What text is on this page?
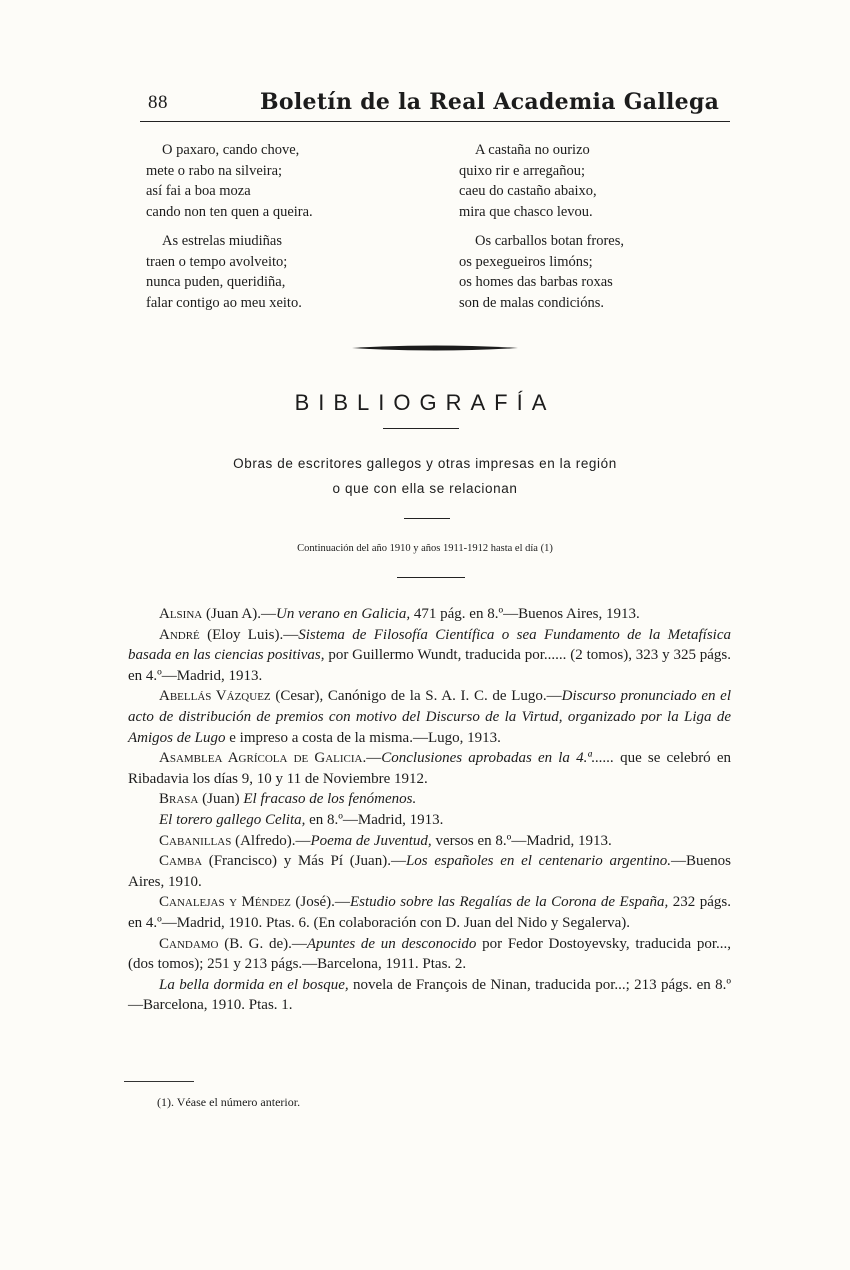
88	Boletín de la Real Academia Gallega
O paxaro, cando chove,
mete o rabo na silveira;
así fai a boa moza
cando non ten quen a queira.
As estrelas miudiñas
traen o tempo avolveito;
nunca puden, queridiña,
falar contigo ao meu xeito.
A castaña no ourizo
quixo rir e arregañou;
caeu do castaño abaixo,
mira que chasco levou.
Os carballos botan frores,
os pexegueiros limóns;
os homes das barbas roxas
son de malas condicións.
BIBLIOGRAFÍA
Obras de escritores gallegos y otras impresas en la región
o que con ella se relacionan
Continuación del año 1910 y años 1911-1912 hasta el día (1)

Alsina (Juan A).—Un verano en Galicia, 471 pág. en 8.º—Buenos Aires, 1913.

André (Eloy Luis).—Sistema de Filosofía Científica o sea Fundamento de la Metafísica basada en las ciencias positivas, por Guillermo Wundt, traducida por...... (2 tomos), 323 y 325 págs. en 4.º—Madrid, 1913.

Abellás Vázquez (Cesar), Canónigo de la S. A. I. C. de Lugo.—Discurso pronunciado en el acto de distribución de premios con motivo del Discurso de la Virtud, organizado por la Liga de Amigos de Lugo e impreso a costa de la misma.—Lugo, 1913.

Asamblea Agrícola de Galicia.—Conclusiones aprobadas en la 4.ª...... que se celebró en Ribadavia los días 9, 10 y 11 de Noviembre 1912.

Brasa (Juan) El fracaso de los fenómenos.

El torero gallego Celita, en 8.º—Madrid, 1913.

Cabanillas (Alfredo).—Poema de Juventud, versos en 8.º—Madrid, 1913.

Camba (Francisco) y Más Pí (Juan).—Los españoles en el centenario argentino.—Buenos Aires, 1910.

Canalejas y Méndez (José).—Estudio sobre las Regalías de la Corona de España, 232 págs. en 4.º—Madrid, 1910. Ptas. 6. (En colaboración con D. Juan del Nido y Segalerva).

Candamo (B. G. de).—Apuntes de un desconocido por Fedor Dostoyevsky, traducida por..., (dos tomos); 251 y 213 págs.—Barcelona, 1911. Ptas. 2.

La bella dormida en el bosque, novela de François de Ninan, traducida por...; 213 págs. en 8.º—Barcelona, 1910. Ptas. 1.

(1). Véase el número anterior.
